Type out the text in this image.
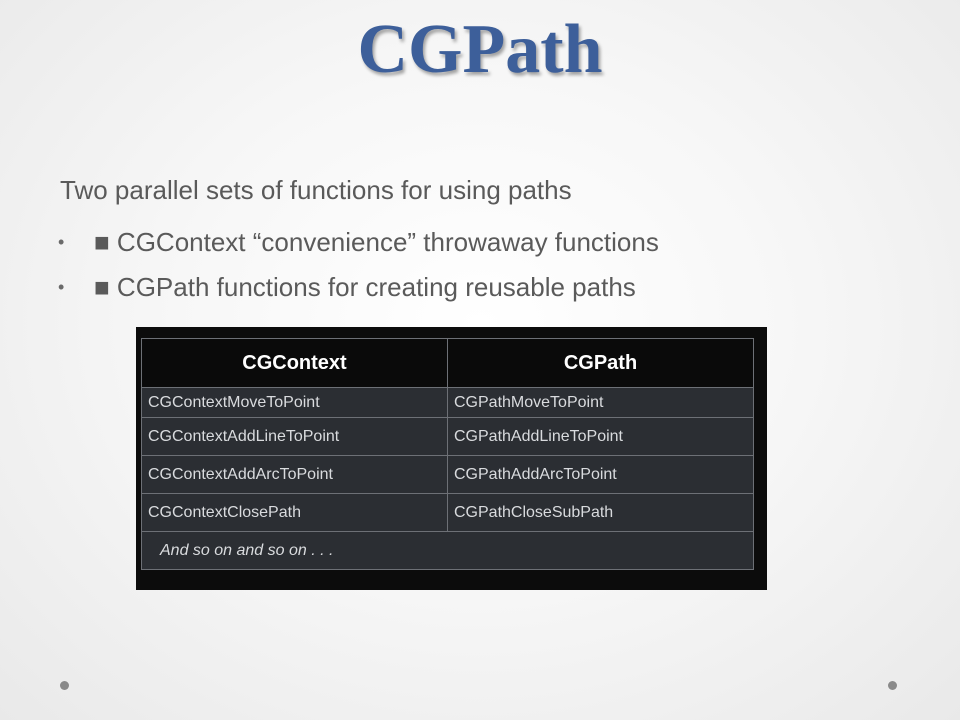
CGPath
Two parallel sets of functions for using paths
• ■ CGContext “convenience” throwaway functions
• ■ CGPath functions for creating reusable paths
CGContext	CGPath
CGContextMoveToPoint	CGPathMoveToPoint
CGContextAddLineToPoint	CGPathAddLineToPoint
CGContextAddArcToPoint	CGPathAddArcToPoint
CGContextClosePath	CGPathCloseSubPath
And so on and so on . . .	
